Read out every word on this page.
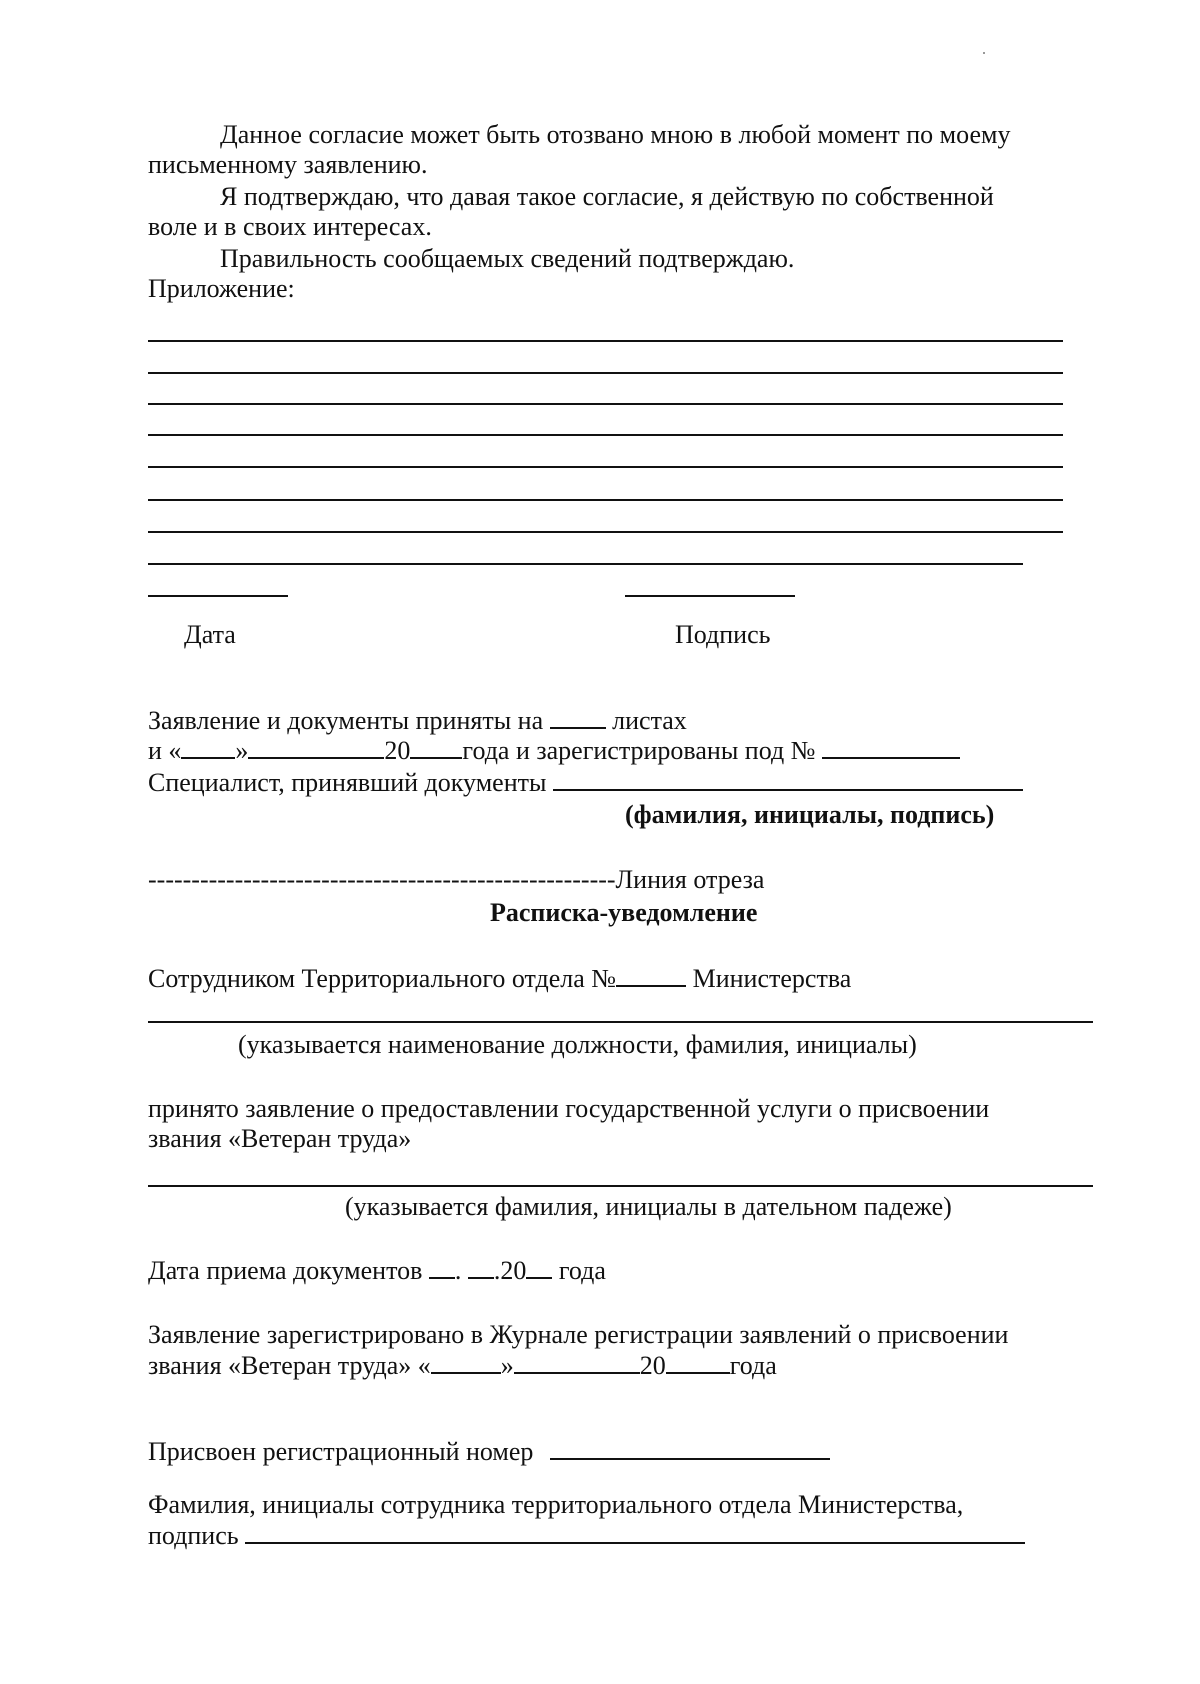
Данное согласие может быть отозвано мною в любой момент по моему
письменному заявлению.
Я подтверждаю, что давая такое согласие, я действую по собственной
воле и в своих интересах.
Правильность сообщаемых сведений подтверждаю.
Приложение:
Дата	Подпись
Заявление и документы приняты на	листах
и « »	20 года и зарегистрированы под №
Специалист, принявший документы
(фамилия, инициалы, подпись)
------------------------------------------------------Линия отреза
Расписка-уведомление
Сотрудником Территориального отдела №	Министерства
(указывается наименование должности, фамилия, инициалы)
принято заявление о предоставлении государственной услуги о присвоении
звания «Ветеран труда»
(указывается фамилия, инициалы в дательном падеже)
Дата приема документов . .20 года
Заявление зарегистрировано в Журнале регистрации заявлений о присвоении
звания «Ветеран труда» «	»	20 года
Присвоен регистрационный номер
Фамилия, инициалы сотрудника территориального отдела Министерства,
подпись
